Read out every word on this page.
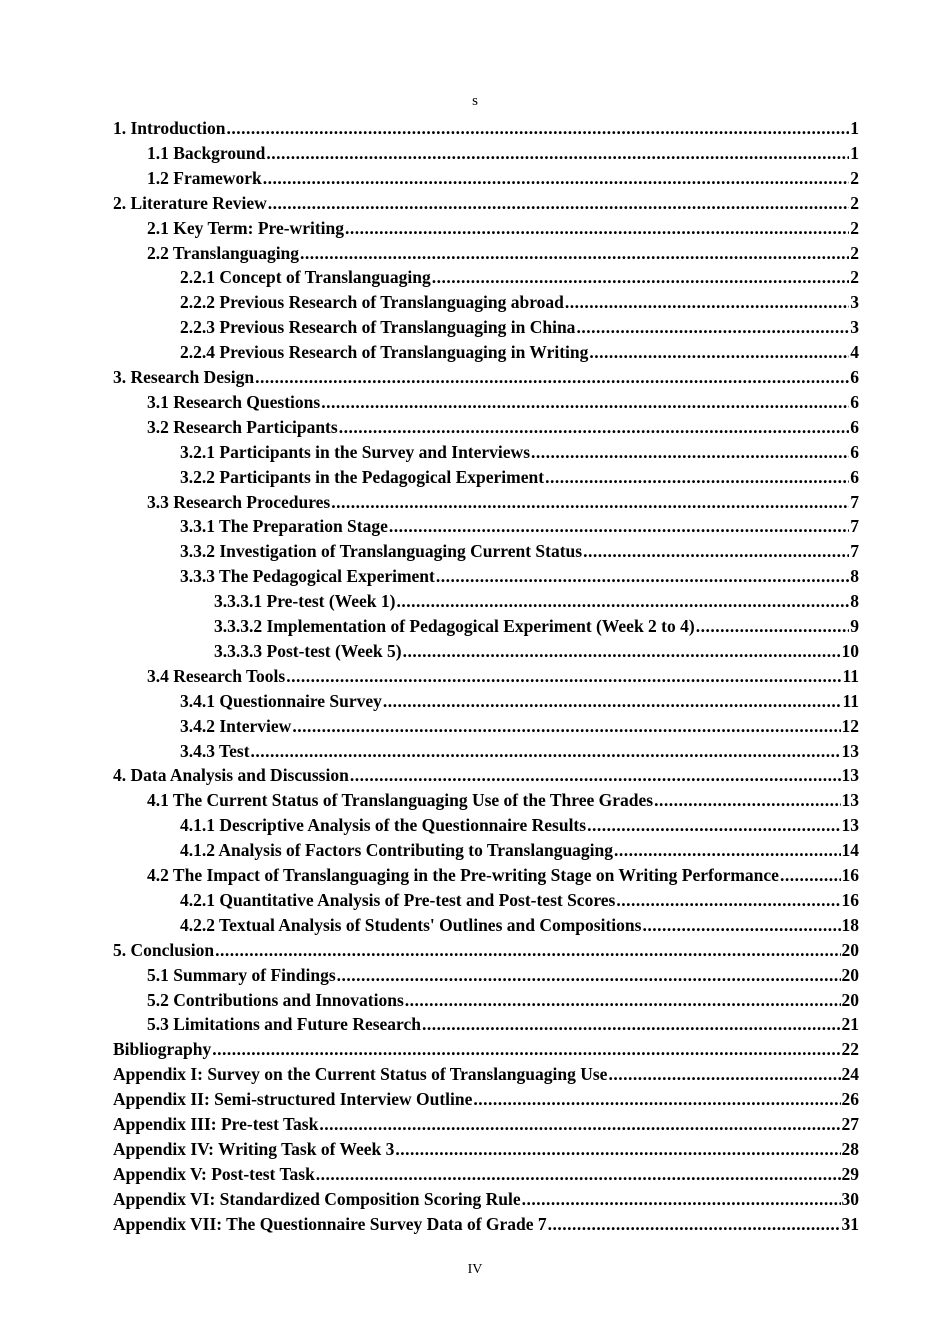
s
1. Introduction .....	1
1.1 Background .....	1
1.2 Framework .....	2
2. Literature Review .....	2
2.1 Key Term: Pre-writing .....	2
2.2 Translanguaging .....	2
2.2.1 Concept of Translanguaging .....	2
2.2.2 Previous Research of Translanguaging abroad .....	3
2.2.3 Previous Research of Translanguaging in China .....	3
2.2.4 Previous Research of Translanguaging in Writing .....	4
3. Research Design .....	6
3.1 Research Questions .....	6
3.2 Research Participants .....	6
3.2.1 Participants in the Survey and Interviews .....	6
3.2.2 Participants in the Pedagogical Experiment .....	6
3.3 Research Procedures .....	7
3.3.1 The Preparation Stage .....	7
3.3.2 Investigation of Translanguaging Current Status .....	7
3.3.3 The Pedagogical Experiment .....	8
3.3.3.1 Pre-test (Week 1) .....	8
3.3.3.2 Implementation of Pedagogical Experiment (Week 2 to 4) .....	9
3.3.3.3 Post-test (Week 5) .....	10
3.4 Research Tools .....	11
3.4.1 Questionnaire Survey .....	11
3.4.2 Interview .....	12
3.4.3 Test .....	13
4. Data Analysis and Discussion .....	13
4.1 The Current Status of Translanguaging Use of the Three Grades .....	13
4.1.1 Descriptive Analysis of the Questionnaire Results .....	13
4.1.2 Analysis of Factors Contributing to Translanguaging .....	14
4.2 The Impact of Translanguaging in the Pre-writing Stage on Writing Performance .....	16
4.2.1 Quantitative Analysis of Pre-test and Post-test Scores .....	16
4.2.2 Textual Analysis of Students' Outlines and Compositions .....	18
5. Conclusion .....	20
5.1 Summary of Findings .....	20
5.2 Contributions and Innovations .....	20
5.3 Limitations and Future Research .....	21
Bibliography .....	22
Appendix I: Survey on the Current Status of Translanguaging Use .....	24
Appendix II: Semi-structured Interview Outline .....	26
Appendix III: Pre-test Task .....	27
Appendix IV: Writing Task of Week 3 .....	28
Appendix V: Post-test Task .....	29
Appendix VI: Standardized Composition Scoring Rule .....	30
Appendix VII: The Questionnaire Survey Data of Grade 7 .....	31
IV
